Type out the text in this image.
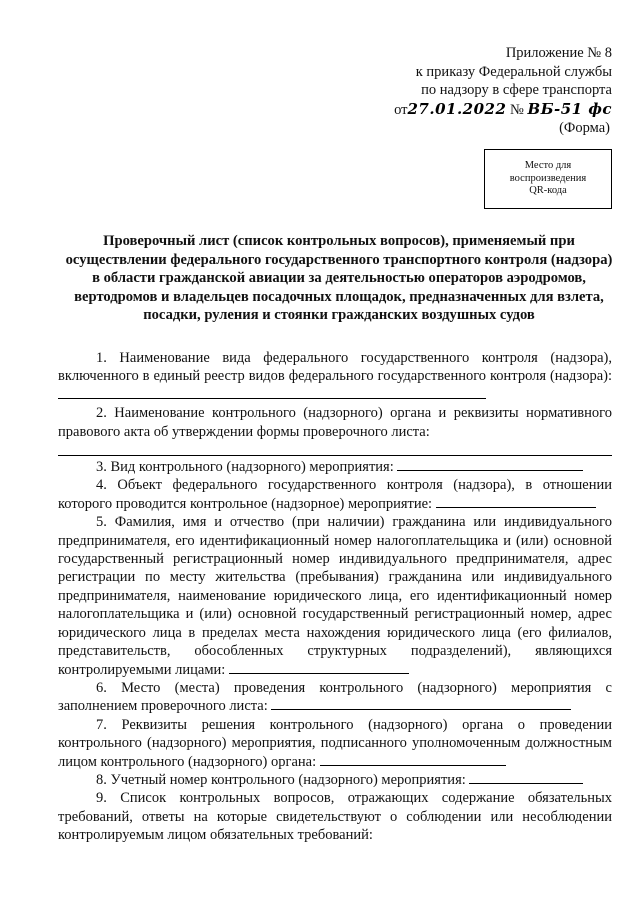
Приложение № 8
к приказу Федеральной службы
по надзору в сфере транспорта
от27.01.2022 № ВБ-51 фс
(Форма)
Место для
воспроизведения
QR-кода
Проверочный лист (список контрольных вопросов), применяемый при осуществлении федерального государственного транспортного контроля (надзора) в области гражданской авиации за деятельностью операторов аэродромов, вертодромов и владельцев посадочных площадок, предназначенных для взлета, посадки, руления и стоянки гражданских воздушных судов

1. Наименование вида федерального государственного контроля (надзора), включенного в единый реестр видов федерального государственного контроля (надзора):

2. Наименование контрольного (надзорного) органа и реквизиты нормативного правового акта об утверждении формы проверочного листа:

3. Вид контрольного (надзорного) мероприятия:

4. Объект федерального государственного контроля (надзора), в отношении которого проводится контрольное (надзорное) мероприятие:

5. Фамилия, имя и отчество (при наличии) гражданина или индивидуального предпринимателя, его идентификационный номер налогоплательщика и (или) основной государственный регистрационный номер индивидуального предпринимателя, адрес регистрации по месту жительства (пребывания) гражданина или индивидуального предпринимателя, наименование юридического лица, его идентификационный номер налогоплательщика и (или) основной государственный регистрационный номер, адрес юридического лица в пределах места нахождения юридического лица (его филиалов, представительств, обособленных структурных подразделений), являющихся контролируемыми лицами:

6. Место (места) проведения контрольного (надзорного) мероприятия с заполнением проверочного листа:

7. Реквизиты решения контрольного (надзорного) органа о проведении контрольного (надзорного) мероприятия, подписанного уполномоченным должностным лицом контрольного (надзорного) органа:

8. Учетный номер контрольного (надзорного) мероприятия:

9. Список контрольных вопросов, отражающих содержание обязательных требований, ответы на которые свидетельствуют о соблюдении или несоблюдении контролируемым лицом обязательных требований:
